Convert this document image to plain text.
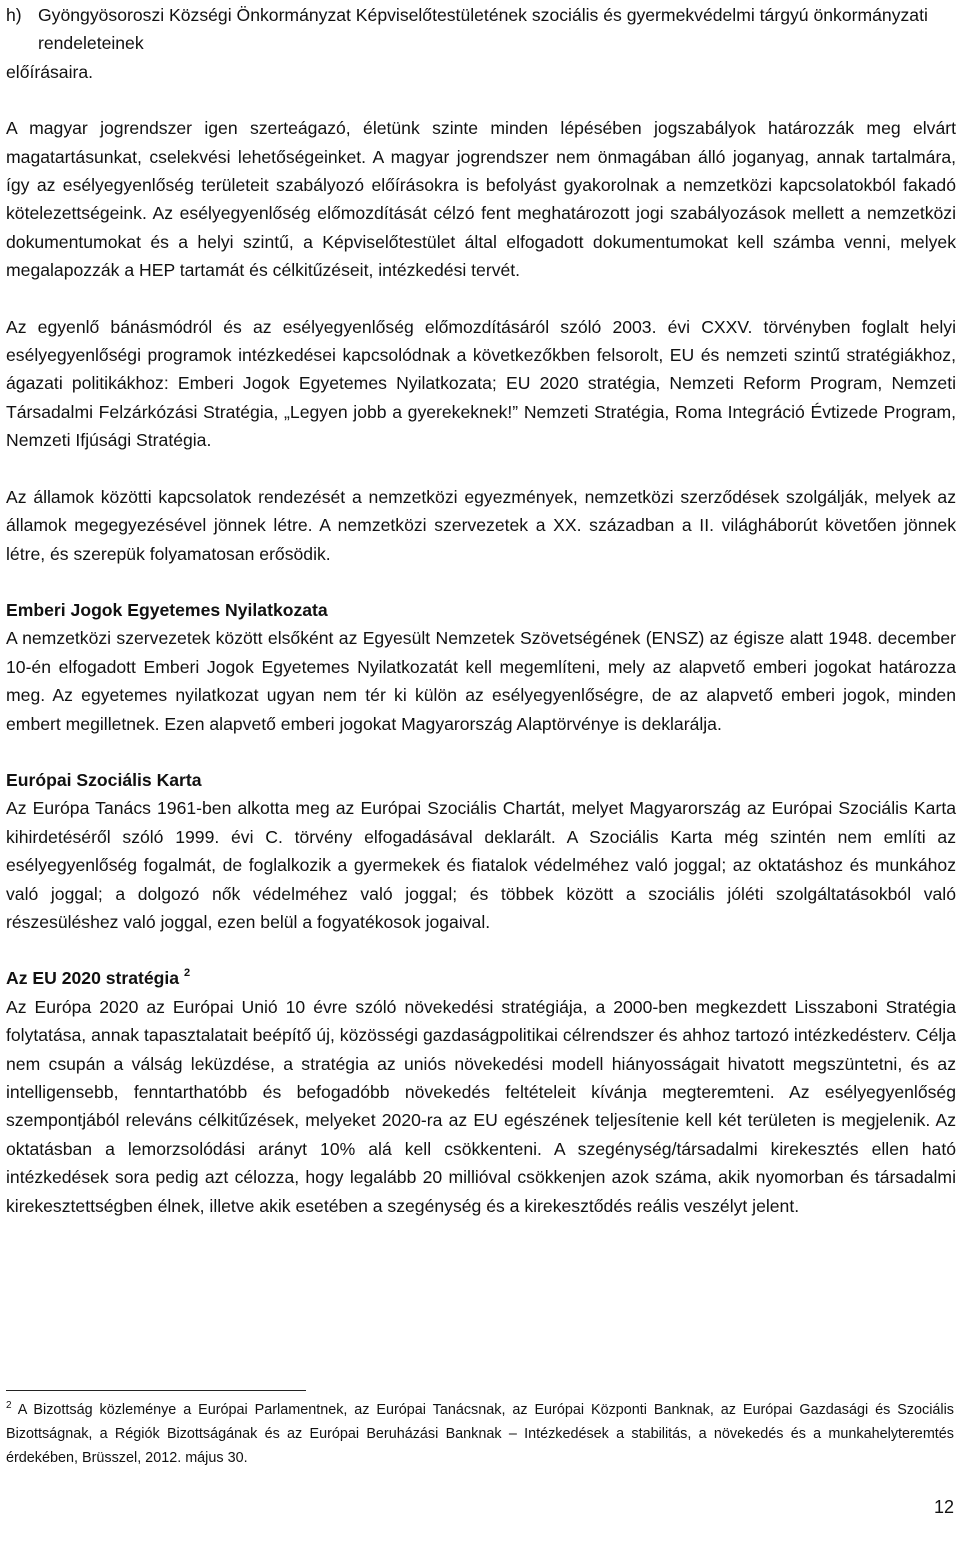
h) Gyöngyösoroszi Községi Önkormányzat Képviselőtestületének szociális és gyermekvédelmi tárgyú önkormányzati rendeleteinek
előírásaira.

A magyar jogrendszer igen szerteágazó, életünk szinte minden lépésében jogszabályok határozzák meg elvárt magatartásunkat, cselekvési lehetőségeinket. A magyar jogrendszer nem önmagában álló joganyag, annak tartalmára, így az esélyegyenlőség területeit szabályozó előírásokra is befolyást gyakorolnak a nemzetközi kapcsolatokból fakadó kötelezettségeink. Az esélyegyenlőség előmozdítását célzó fent meghatározott jogi szabályozások mellett a nemzetközi dokumentumokat és a helyi szintű, a Képviselőtestület által elfogadott dokumentumokat kell számba venni, melyek megalapozzák a HEP tartamát és célkitűzéseit, intézkedési tervét.

Az egyenlő bánásmódról és az esélyegyenlőség előmozdításáról szóló 2003. évi CXXV. törvényben foglalt helyi esélyegyenlőségi programok intézkedései kapcsolódnak a következőkben felsorolt, EU és nemzeti szintű stratégiákhoz, ágazati politikákhoz: Emberi Jogok Egyetemes Nyilatkozata; EU 2020 stratégia, Nemzeti Reform Program, Nemzeti Társadalmi Felzárkózási Stratégia, „Legyen jobb a gyerekeknek!” Nemzeti Stratégia, Roma Integráció Évtizede Program, Nemzeti Ifjúsági Stratégia.

Az államok közötti kapcsolatok rendezését a nemzetközi egyezmények, nemzetközi szerződések szolgálják, melyek az államok megegyezésével jönnek létre. A nemzetközi szervezetek a XX. században a II. világháborút követően jönnek létre, és szerepük folyamatosan erősödik.

Emberi Jogok Egyetemes Nyilatkozata

A nemzetközi szervezetek között elsőként az Egyesült Nemzetek Szövetségének (ENSZ) az égisze alatt 1948. december 10-én elfogadott Emberi Jogok Egyetemes Nyilatkozatát kell megemlíteni, mely az alapvető emberi jogokat határozza meg. Az egyetemes nyilatkozat ugyan nem tér ki külön az esélyegyenlőségre, de az alapvető emberi jogok, minden embert megilletnek. Ezen alapvető emberi jogokat Magyarország Alaptörvénye is deklarálja.

Európai Szociális Karta

Az Európa Tanács 1961-ben alkotta meg az Európai Szociális Chartát, melyet Magyarország az Európai Szociális Karta kihirdetéséről szóló 1999. évi C. törvény elfogadásával deklarált. A Szociális Karta még szintén nem említi az esélyegyenlőség fogalmát, de foglalkozik a gyermekek és fiatalok védelméhez való joggal; az oktatáshoz és munkához való joggal; a dolgozó nők védelméhez való joggal; és többek között a szociális jóléti szolgáltatásokból való részesüléshez való joggal, ezen belül a fogyatékosok jogaival.

Az EU 2020 stratégia $^2$

Az Európa 2020 az Európai Unió 10 évre szóló növekedési stratégiája, a 2000-ben megkezdett Lisszaboni Stratégia folytatása, annak tapasztalatait beépítő új, közösségi gazdaságpolitikai célrendszer és ahhoz tartozó intézkedésterv. Célja nem csupán a válság leküzdése, a stratégia az uniós növekedési modell hiányosságait hivatott megszüntetni, és az intelligensebb, fenntarthatóbb és befogadóbb növekedés feltételeit kívánja megteremteni. Az esélyegyenlőség szempontjából releváns célkitűzések, melyeket 2020-ra az EU egészének teljesítenie kell két területen is megjelenik. Az oktatásban a lemorzsolódási arányt 10% alá kell csökkenteni. A szegénység/társadalmi kirekesztés ellen ható intézkedések sora pedig azt célozza, hogy legalább 20 millióval csökkenjen azok száma, akik nyomorban és társadalmi kirekesztettségben élnek, illetve akik esetében a szegénység és a kirekesztődés reális veszélyt jelent.

$^2$ A Bizottság közleménye a Európai Parlamentnek, az Európai Tanácsnak, az Európai Központi Banknak, az Európai Gazdasági és Szociális Bizottságnak, a Régiók Bizottságának és az Európai Beruházási Banknak – Intézkedések a stabilitás, a növekedés és a munkahelyteremtés érdekében, Brüsszel, 2012. május 30.
12
